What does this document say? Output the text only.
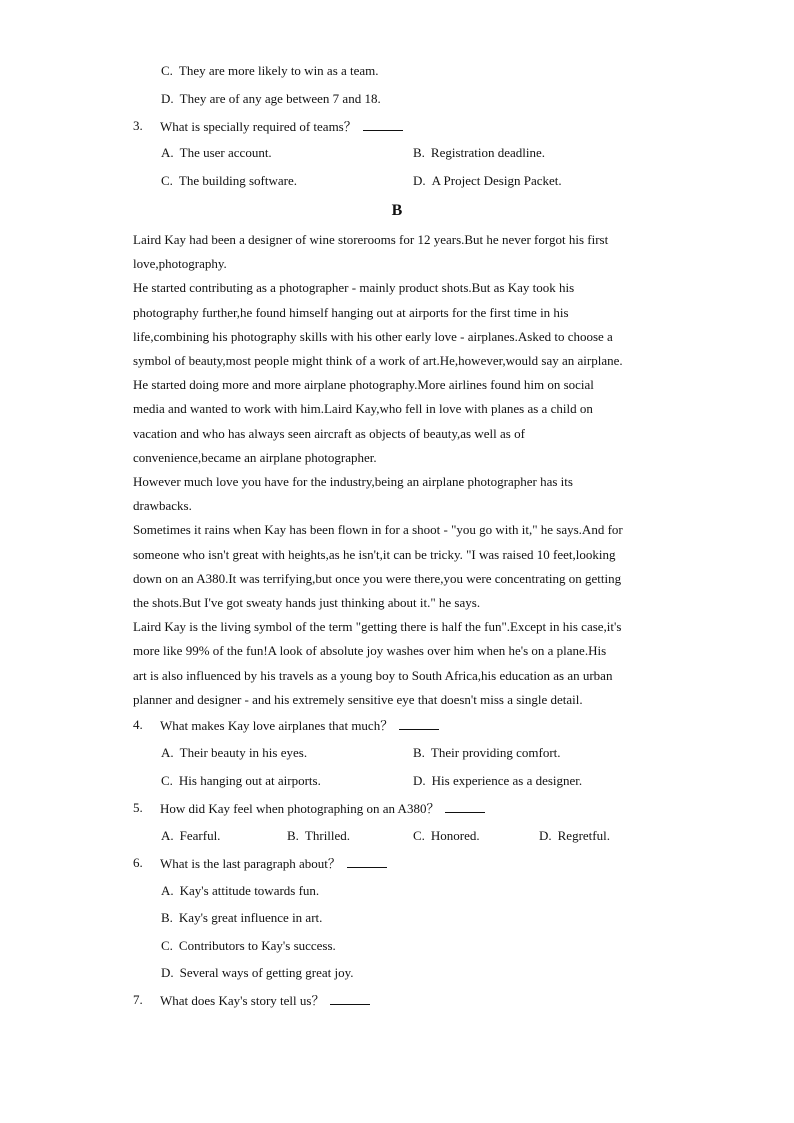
C. They are more likely to win as a team.
D. They are of any age between 7 and 18.
3. What is specially required of teams？
A. The user account.	B. Registration deadline.
C. The building software.	D. A Project Design Packet.
B
Laird Kay had been a designer of wine storerooms for 12 years.But he never forgot his first
love,photography.
He started contributing as a photographer - mainly product shots.But as Kay took his
photography further,he found himself hanging out at airports for the first time in his
life,combining his photography skills with his other early love - airplanes.Asked to choose a
symbol of beauty,most people might think of a work of art.He,however,would say an airplane.
He started doing more and more airplane photography.More airlines found him on social
media and wanted to work with him.Laird Kay,who fell in love with planes as a child on
vacation and who has always seen aircraft as objects of beauty,as well as of
convenience,became an airplane photographer.
However much love you have for the industry,being an airplane photographer has its
drawbacks.
Sometimes it rains when Kay has been flown in for a shoot - "you go with it," he says.And for
someone who isn't great with heights,as he isn't,it can be tricky. "I was raised 10 feet,looking
down on an A380.It was terrifying,but once you were there,you were concentrating on getting
the shots.But I've got sweaty hands just thinking about it." he says.
Laird Kay is the living symbol of the term "getting there is half the fun".Except in his case,it's
more like 99% of the fun!A look of absolute joy washes over him when he's on a plane.His
art is also influenced by his travels as a young boy to South Africa,his education as an urban
planner and designer - and his extremely sensitive eye that doesn't miss a single detail.
4. What makes Kay love airplanes that much？
A. Their beauty in his eyes.	B. Their providing comfort.
C. His hanging out at airports.	D. His experience as a designer.
5. How did Kay feel when photographing on an A380？
A. Fearful.	B. Thrilled.	C. Honored.	D. Regretful.
6. What is the last paragraph about？
A. Kay's attitude towards fun.
B. Kay's great influence in art.
C. Contributors to Kay's success.
D. Several ways of getting great joy.
7. What does Kay's story tell us？
